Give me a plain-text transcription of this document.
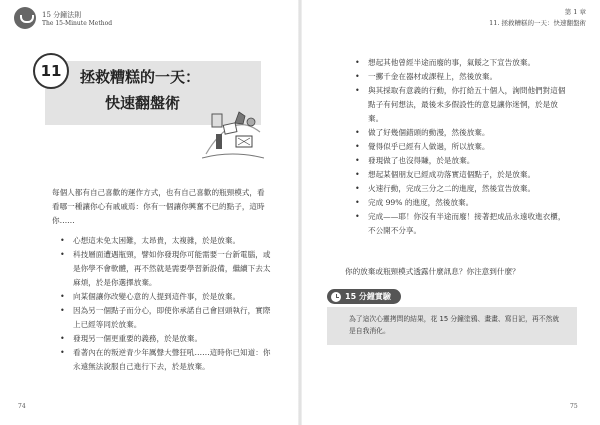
15 分鐘法則
The 15-Minute Method
11	拯救糟糕的一天：
快速翻盤術
每個人都有自己喜歡的運作方式，也有自己喜歡的瓶頸模式，看看哪一種讓你心有戚戚焉：你有一個讓你興奮不已的點子，這時你……
• 心想這未免太困難，太昂貴，太複雜，於是放棄。
• 科技層面遭遇瓶頸，譬如你發現你可能需要一台新電腦，或是你學不會軟體，再不然就是需要學習新設備，繼續下去太麻煩，於是你選擇放棄。
• 向某個讓你改變心意的人提到這件事，於是放棄。
• 因為另一個點子而分心，即使你承諾自己會回頭執行，實際上已經等同於放棄。
• 發現另一個更重要的義務，於是放棄。
• 看著內在的叛逆青少年厲聲大聲狂吼……這時你已知道：你永遠無法說服自己進行下去，於是放棄。
74
第 1 章
11. 拯救糟糕的一天：快速翻盤術
• 想起其他曾經半途而廢的事，氣餒之下宣告放棄。
• 一擲千金在器材或課程上，然後放棄。
• 與其採取有意義的行動，你打給五十個人，詢問他們對這個點子有何想法，最後未多假設性的意見讓你迷惘，於是放棄。
• 做了好幾個錯頭的動漫，然後放棄。
• 覺得似乎已經有人做過，所以放棄。
• 發現做了也沒得賺，於是放棄。
• 想起某個朋友已經成功落實這個點子，於是放棄。
• 火速行動，完成三分之二的進度，然後宣告放棄。
• 完成 99% 的進度，然後放棄。
• 完成——耶！你沒有半途而廢！接著把成品永遠收進衣櫃，不公開不分享。
你的放棄或瓶頸模式透露什麼訊息？你注意到什麼？
15 分鐘實驗
為了這次心靈拷問的結果，花 15 分鐘塗鴉、畫畫、寫日記，再不然就是自我消化。
75
